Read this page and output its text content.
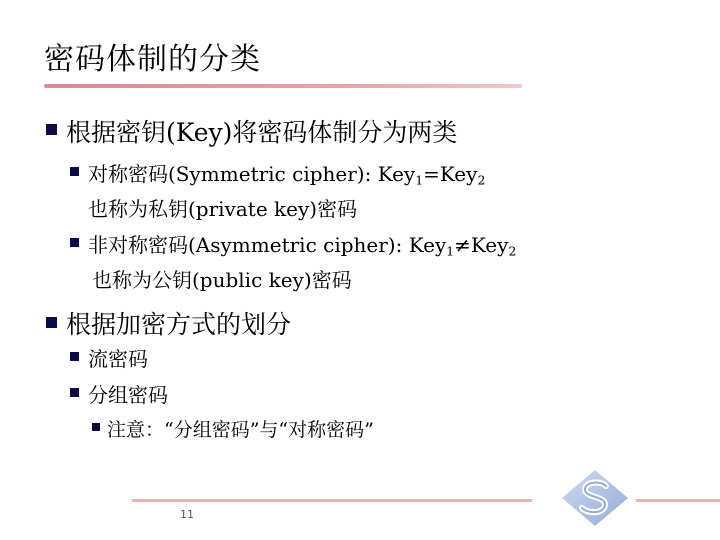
密码体制的分类
根据密钥(Key)将密码体制分为两类
对称密码(Symmetric cipher): Key$_1$=Key$_2$
也称为私钥(private key)密码
非对称密码(Asymmetric cipher): Key$_1$≠Key$_2$
也称为公钥(public key)密码
根据加密方式的划分
流密码
分组密码
注意：“分组密码”与“对称密码”
11
